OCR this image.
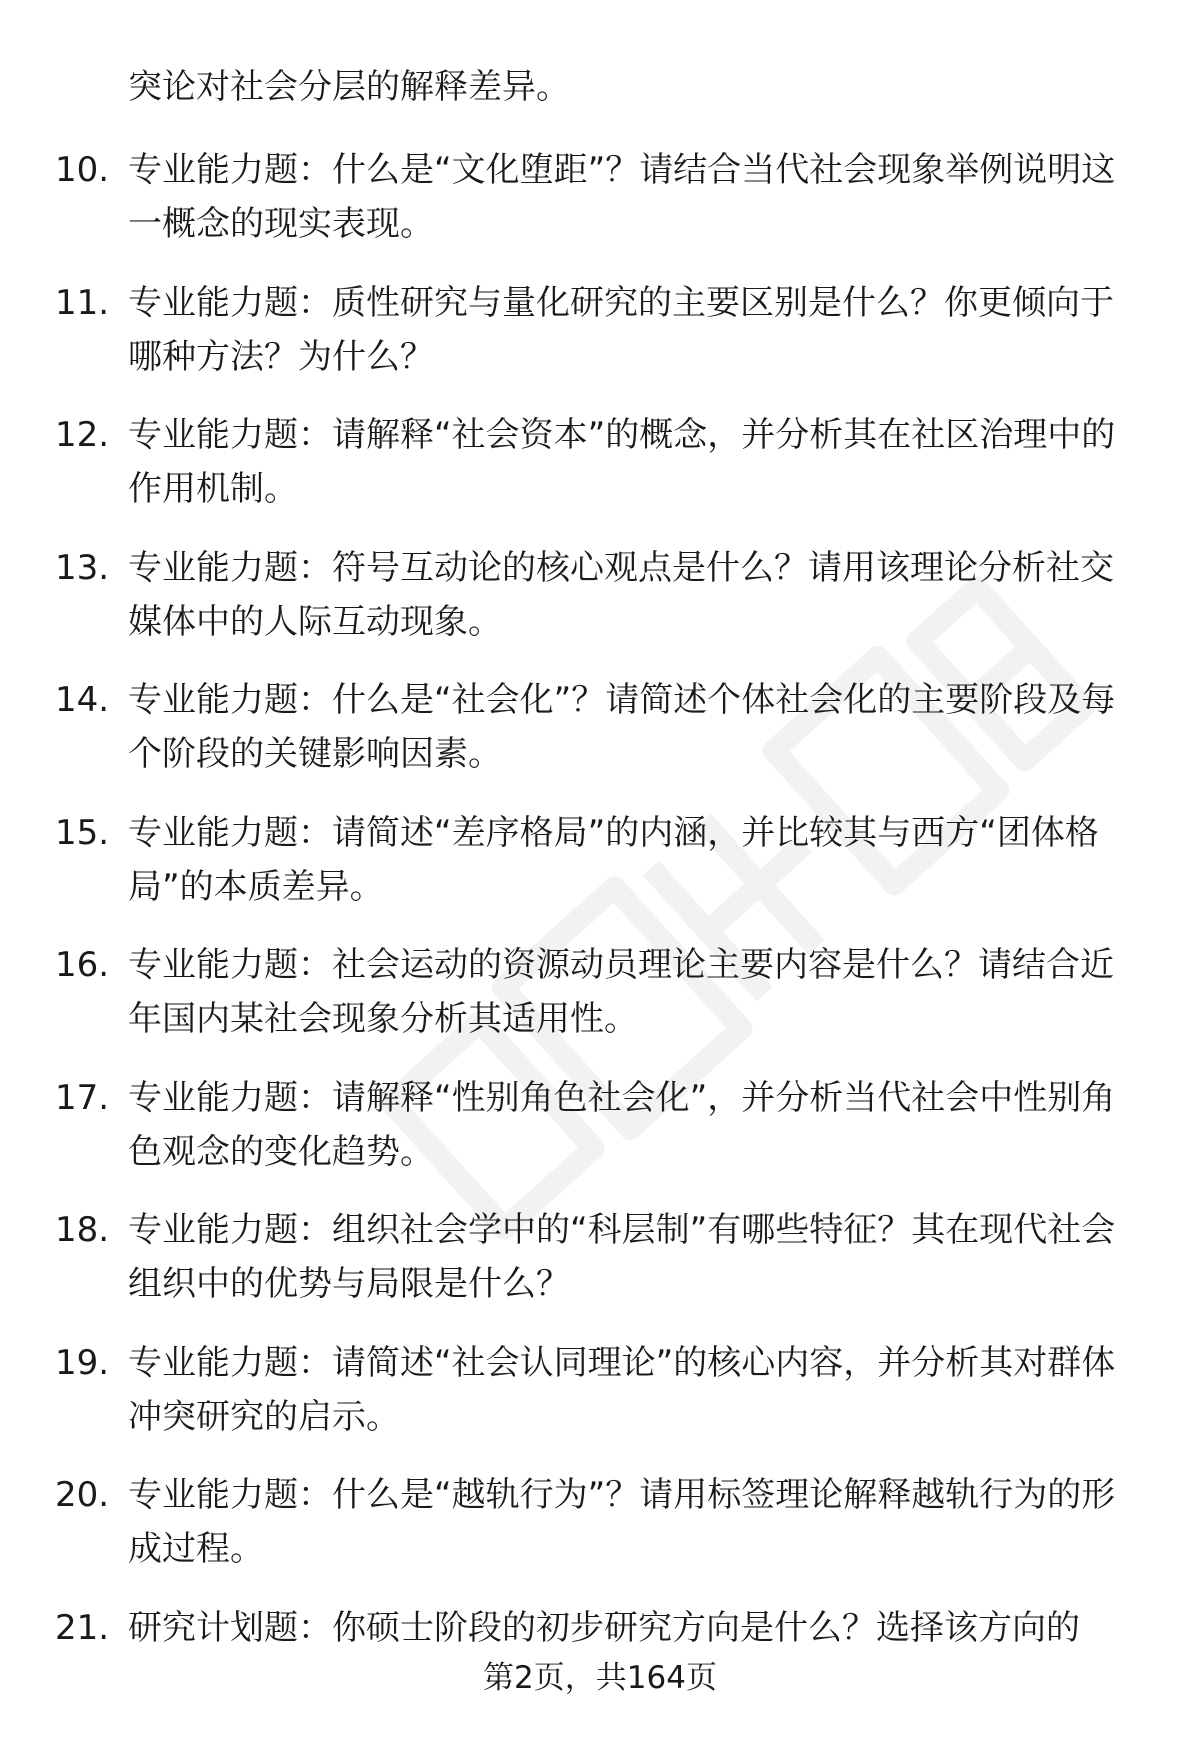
突论对社会分层的解释差异。

10. 专业能力题：什么是“文化堕距”？请结合当代社会现象举例说明这一概念的现实表现。

11. 专业能力题：质性研究与量化研究的主要区别是什么？你更倾向于哪种方法？为什么？

12. 专业能力题：请解释“社会资本”的概念，并分析其在社区治理中的作用机制。

13. 专业能力题：符号互动论的核心观点是什么？请用该理论分析社交媒体中的人际互动现象。

14. 专业能力题：什么是“社会化”？请简述个体社会化的主要阶段及每个阶段的关键影响因素。

15. 专业能力题：请简述“差序格局”的内涵，并比较其与西方“团体格局”的本质差异。

16. 专业能力题：社会运动的资源动员理论主要内容是什么？请结合近年国内某社会现象分析其适用性。

17. 专业能力题：请解释“性别角色社会化”，并分析当代社会中性别角色观念的变化趋势。

18. 专业能力题：组织社会学中的“科层制”有哪些特征？其在现代社会组织中的优势与局限是什么？

19. 专业能力题：请简述“社会认同理论”的核心内容，并分析其对群体冲突研究的启示。

20. 专业能力题：什么是“越轨行为”？请用标签理论解释越轨行为的形成过程。

21. 研究计划题：你硕士阶段的初步研究方向是什么？选择该方向的

第2页，共164页
